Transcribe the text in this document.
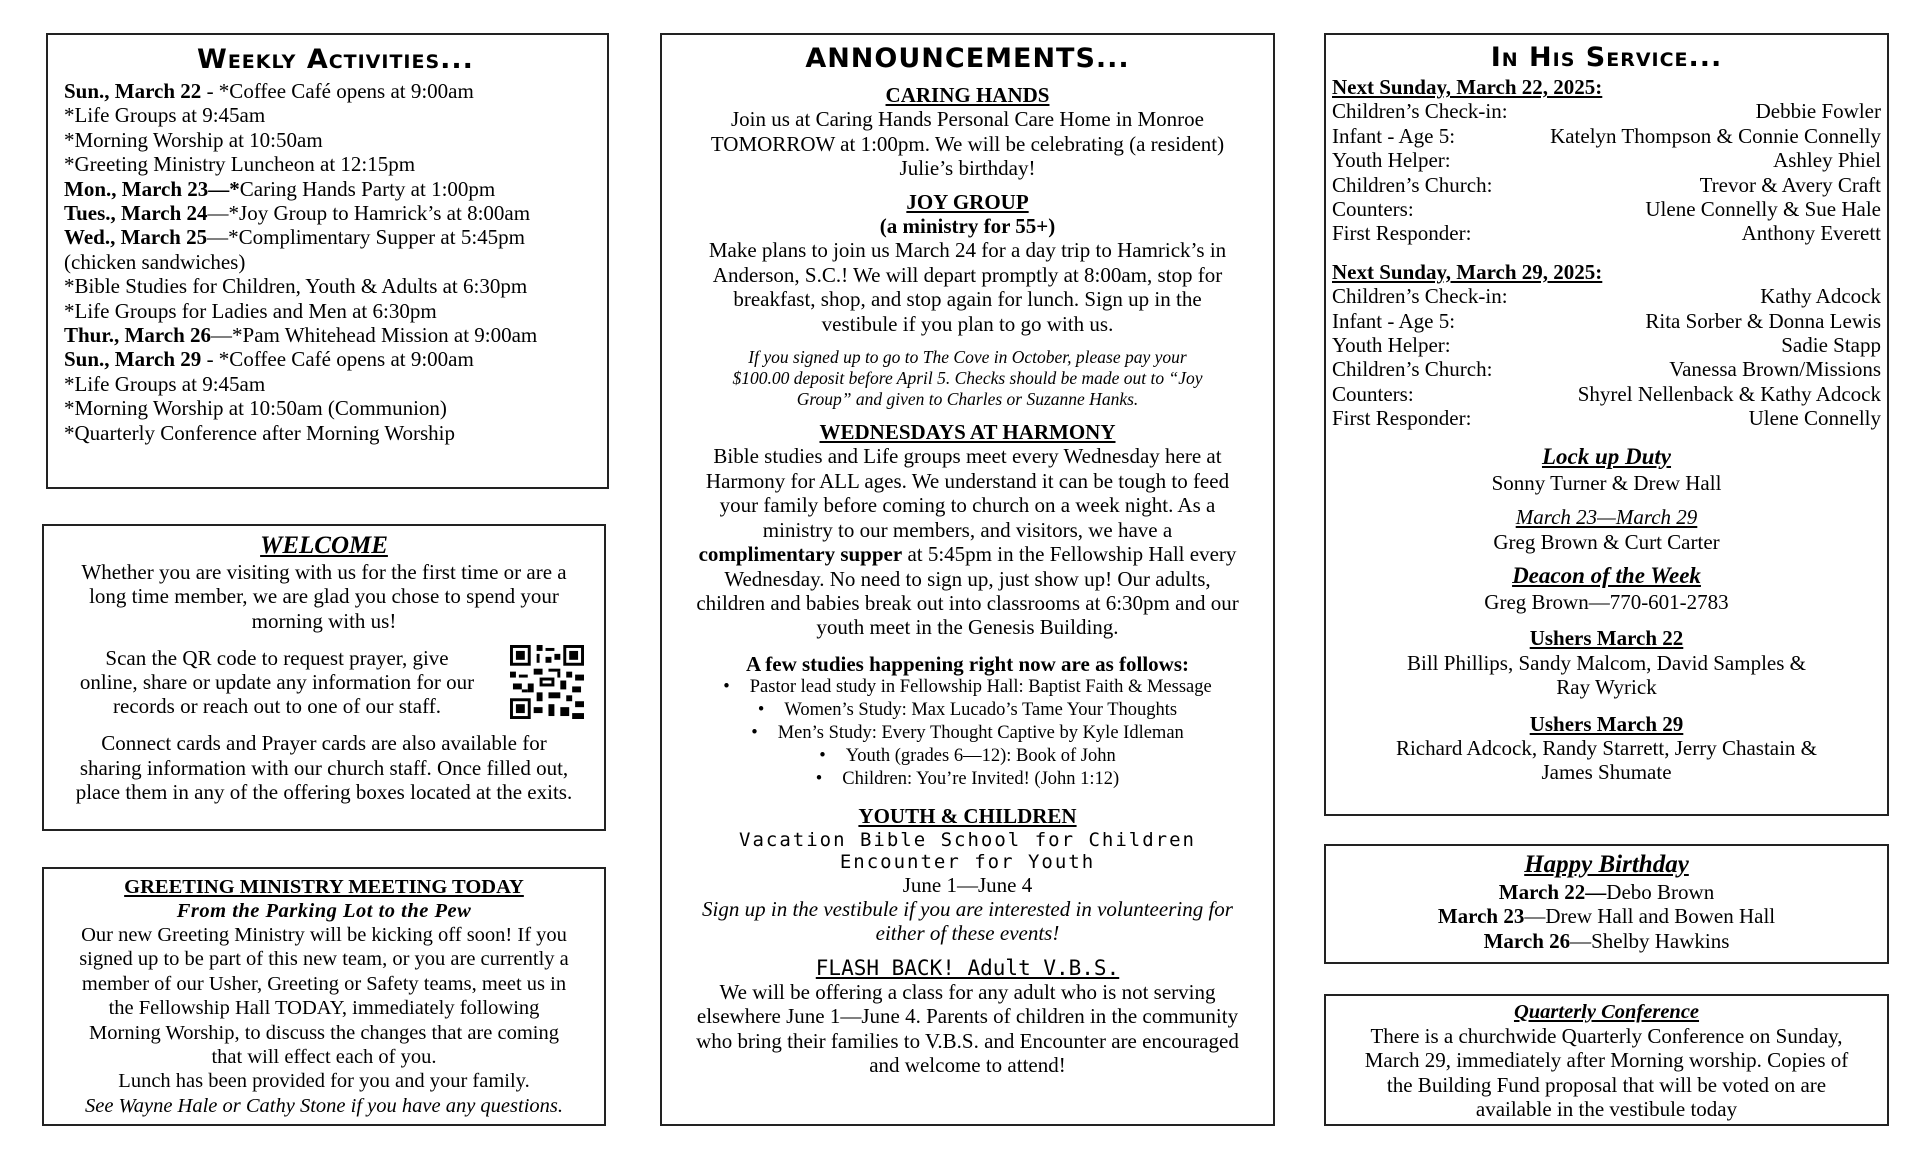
Weekly Activities...
Sun., March 22 - *Coffee Café opens at 9:00am
*Life Groups at 9:45am
*Morning Worship at 10:50am
*Greeting Ministry Luncheon at 12:15pm
Mon., March 23—*Caring Hands Party at 1:00pm
Tues., March 24—*Joy Group to Hamrick’s at 8:00am
Wed., March 25—*Complimentary Supper at 5:45pm
(chicken sandwiches)
*Bible Studies for Children, Youth & Adults at 6:30pm
*Life Groups for Ladies and Men at 6:30pm
Thur., March 26—*Pam Whitehead Mission at 9:00am
Sun., March 29 - *Coffee Café opens at 9:00am
*Life Groups at 9:45am
*Morning Worship at 10:50am (Communion)
*Quarterly Conference after Morning Worship
WELCOME
Whether you are visiting with us for the first time or are a
long time member, we are glad you chose to spend your
morning with us!
Scan the QR code to request prayer, give
online, share or update any information for our
records or reach out to one of our staff.
Connect cards and Prayer cards are also available for
sharing information with our church staff. Once filled out,
place them in any of the offering boxes located at the exits.
GREETING MINISTRY MEETING TODAY
From the Parking Lot to the Pew
Our new Greeting Ministry will be kicking off soon! If you
signed up to be part of this new team, or you are currently a
member of our Usher, Greeting or Safety teams, meet us in
the Fellowship Hall TODAY, immediately following
Morning Worship, to discuss the changes that are coming
that will effect each of you.
Lunch has been provided for you and your family.
See Wayne Hale or Cathy Stone if you have any questions.
ANNOUNCEMENTS...
CARING HANDS
Join us at Caring Hands Personal Care Home in Monroe
TOMORROW at 1:00pm. We will be celebrating (a resident)
Julie’s birthday!
JOY GROUP
(a ministry for 55+)
Make plans to join us March 24 for a day trip to Hamrick’s in
Anderson, S.C.! We will depart promptly at 8:00am, stop for
breakfast, shop, and stop again for lunch. Sign up in the
vestibule if you plan to go with us.
If you signed up to go to The Cove in October, please pay your
$100.00 deposit before April 5. Checks should be made out to “Joy
Group” and given to Charles or Suzanne Hanks.
WEDNESDAYS AT HARMONY
Bible studies and Life groups meet every Wednesday here at
Harmony for ALL ages. We understand it can be tough to feed
your family before coming to church on a week night. As a
ministry to our members, and visitors, we have a
complimentary supper at 5:45pm in the Fellowship Hall every
Wednesday. No need to sign up, just show up! Our adults,
children and babies break out into classrooms at 6:30pm and our
youth meet in the Genesis Building.
A few studies happening right now are as follows:
• Pastor lead study in Fellowship Hall: Baptist Faith & Message
• Women’s Study: Max Lucado’s Tame Your Thoughts
• Men’s Study: Every Thought Captive by Kyle Idleman
• Youth (grades 6—12): Book of John
• Children: You’re Invited! (John 1:12)
YOUTH & CHILDREN
Vacation Bible School for Children
Encounter for Youth
June 1—June 4
Sign up in the vestibule if you are interested in volunteering for
either of these events!
FLASH BACK! Adult V.B.S.
We will be offering a class for any adult who is not serving
elsewhere June 1—June 4. Parents of children in the community
who bring their families to V.B.S. and Encounter are encouraged
and welcome to attend!
In His Service...
Next Sunday, March 22, 2025:
Children’s Check-in:	Debbie Fowler
Infant - Age 5:	Katelyn Thompson & Connie Connelly
Youth Helper:	Ashley Phiel
Children’s Church:	Trevor & Avery Craft
Counters:	Ulene Connelly & Sue Hale
First Responder:	Anthony Everett
Next Sunday, March 29, 2025:
Children’s Check-in:	Kathy Adcock
Infant - Age 5:	Rita Sorber & Donna Lewis
Youth Helper:	Sadie Stapp
Children’s Church:	Vanessa Brown/Missions
Counters:	Shyrel Nellenback & Kathy Adcock
First Responder:	Ulene Connelly
Lock up Duty
Sonny Turner & Drew Hall
March 23—March 29
Greg Brown & Curt Carter
Deacon of the Week
Greg Brown—770-601-2783
Ushers March 22
Bill Phillips, Sandy Malcom, David Samples &
Ray Wyrick
Ushers March 29
Richard Adcock, Randy Starrett, Jerry Chastain &
James Shumate
Happy Birthday
March 22—Debo Brown
March 23—Drew Hall and Bowen Hall
March 26—Shelby Hawkins
Quarterly Conference
There is a churchwide Quarterly Conference on Sunday,
March 29, immediately after Morning worship. Copies of
the Building Fund proposal that will be voted on are
available in the vestibule today
